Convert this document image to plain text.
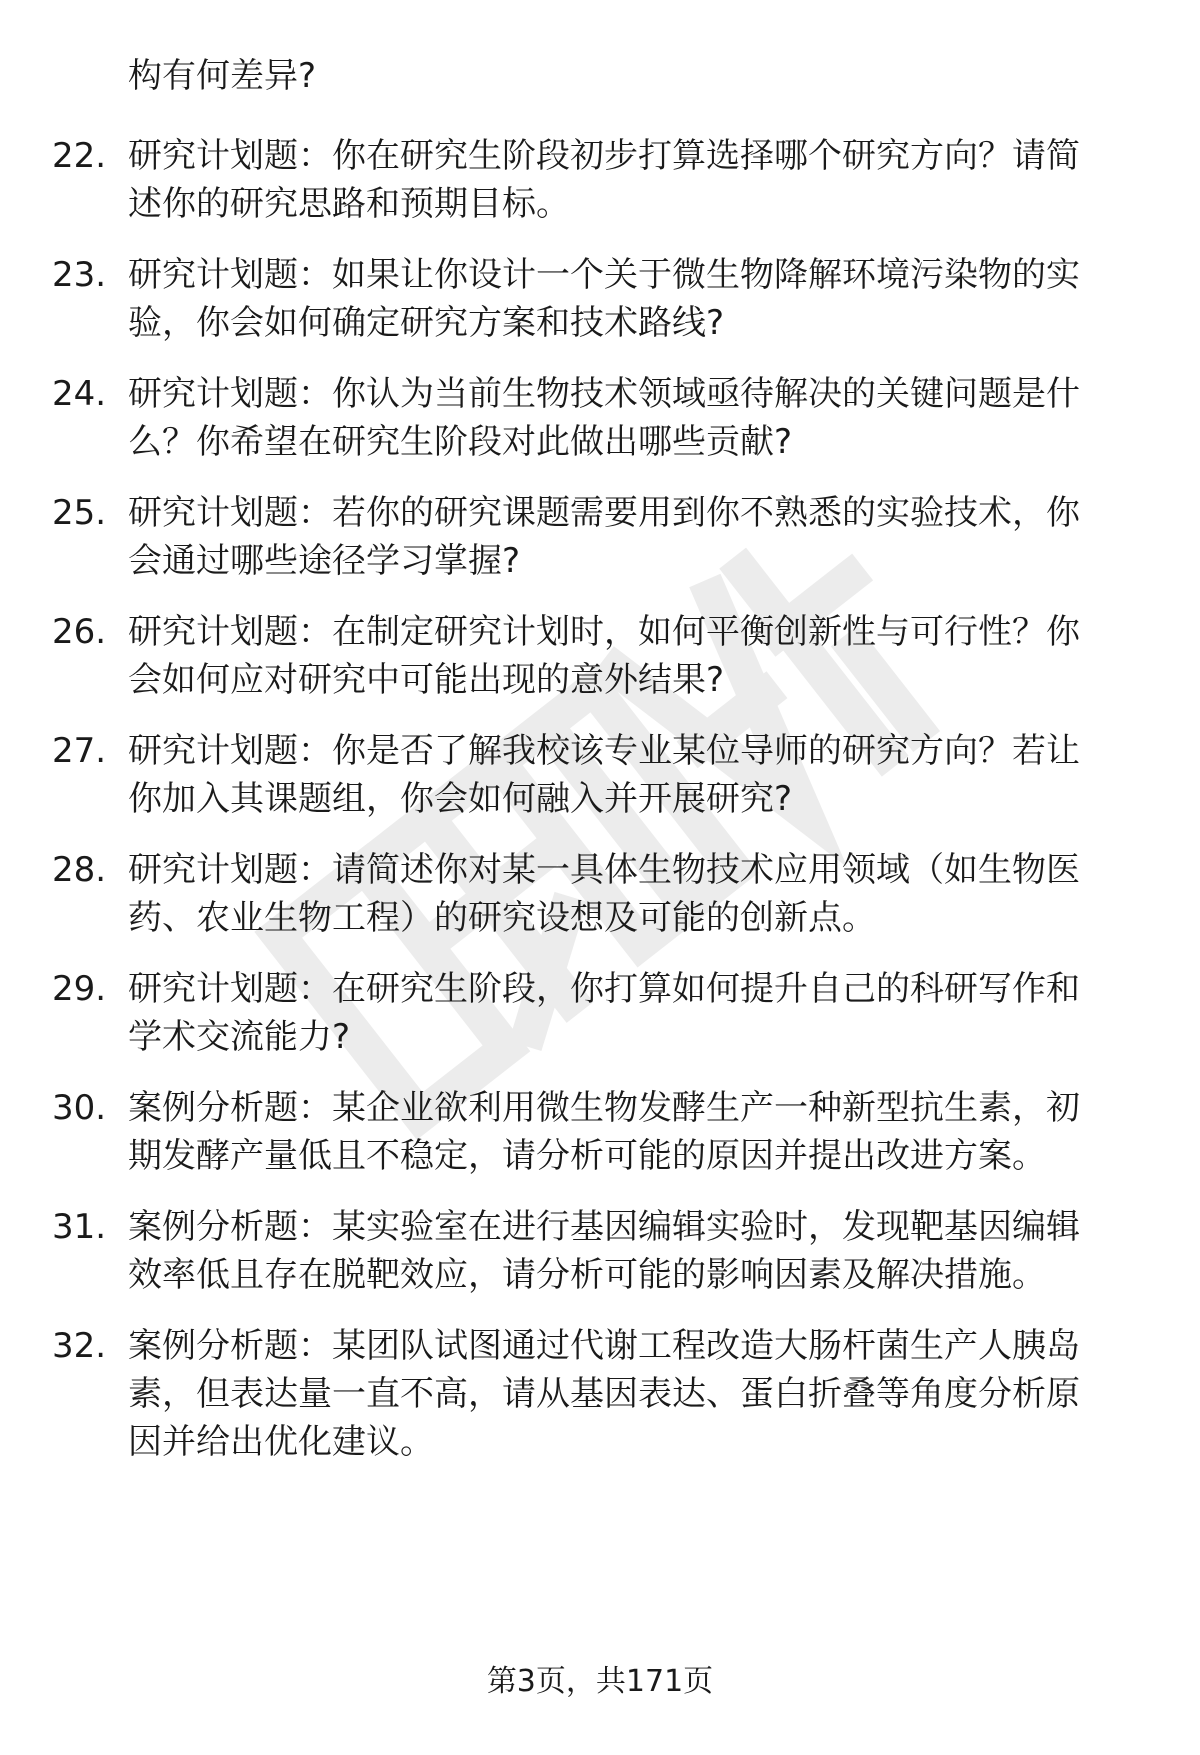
构有何差异?
22. 研究计划题：你在研究生阶段初步打算选择哪个研究方向？请简
述你的研究思路和预期目标。
23. 研究计划题：如果让你设计一个关于微生物降解环境污染物的实
验，你会如何确定研究方案和技术路线?
24. 研究计划题：你认为当前生物技术领域亟待解决的关键问题是什
么？你希望在研究生阶段对此做出哪些贡献?
25. 研究计划题：若你的研究课题需要用到你不熟悉的实验技术，你
会通过哪些途径学习掌握?
26. 研究计划题：在制定研究计划时，如何平衡创新性与可行性？你
会如何应对研究中可能出现的意外结果?
27. 研究计划题：你是否了解我校该专业某位导师的研究方向？若让
你加入其课题组，你会如何融入并开展研究?
28. 研究计划题：请简述你对某一具体生物技术应用领域（如生物医
药、农业生物工程）的研究设想及可能的创新点。
29. 研究计划题：在研究生阶段，你打算如何提升自己的科研写作和
学术交流能力?
30. 案例分析题：某企业欲利用微生物发酵生产一种新型抗生素，初
期发酵产量低且不稳定，请分析可能的原因并提出改进方案。
31. 案例分析题：某实验室在进行基因编辑实验时，发现靶基因编辑
效率低且存在脱靶效应，请分析可能的影响因素及解决措施。
32. 案例分析题：某团队试图通过代谢工程改造大肠杆菌生产人胰岛
素，但表达量一直不高，请从基因表达、蛋白折叠等角度分析原
因并给出优化建议。
第3页，共171页
